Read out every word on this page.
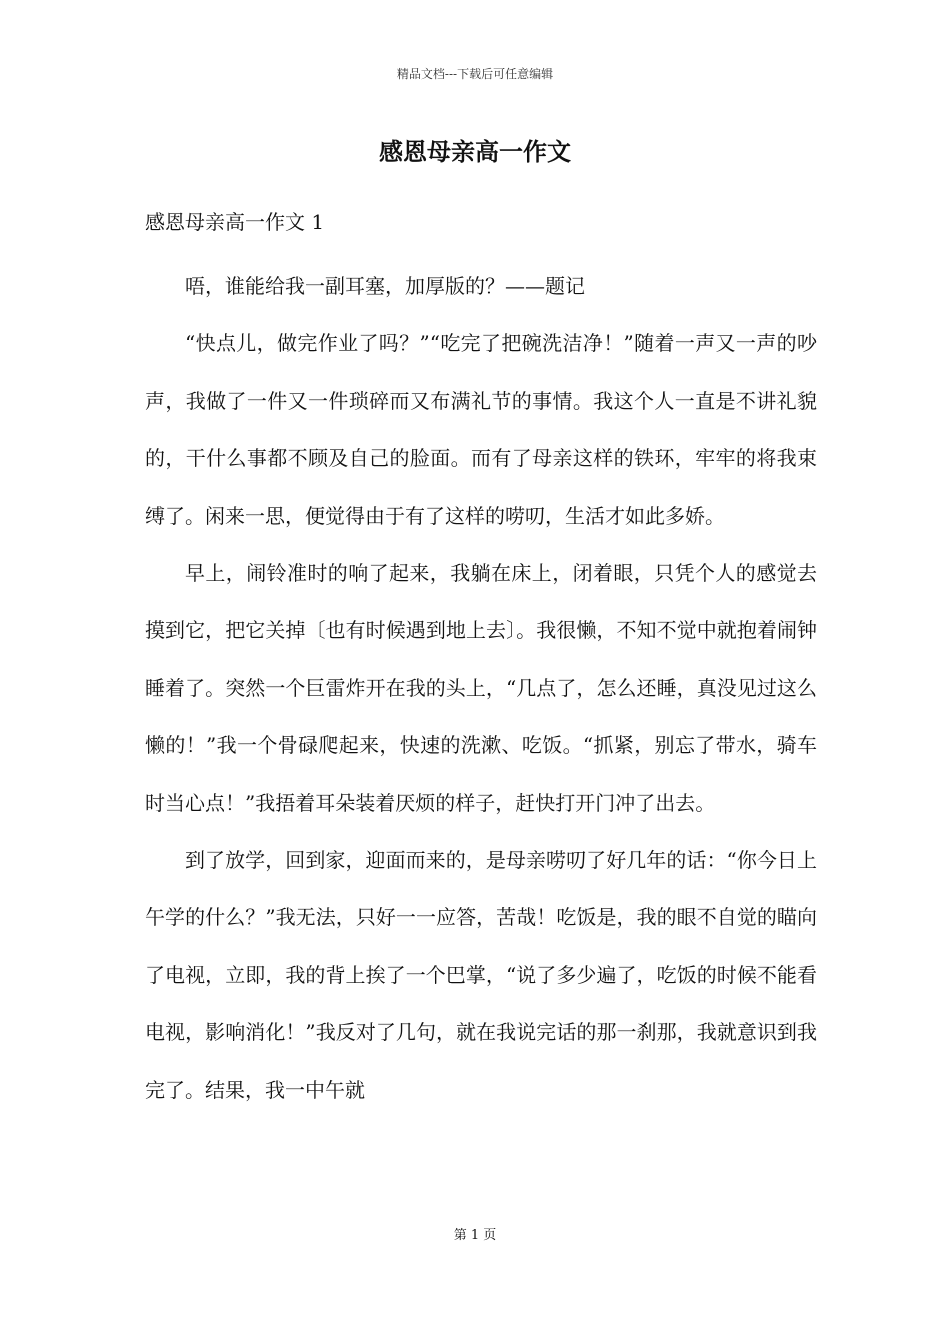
精品文档---下载后可任意编辑
感恩母亲高一作文
感恩母亲高一作文 1

唔，谁能给我一副耳塞，加厚版的？——题记

“快点儿，做完作业了吗？”“吃完了把碗洗洁净！”随着一声又一声的吵声，我做了一件又一件琐碎而又布满礼节的事情。我这个人一直是不讲礼貌的，干什么事都不顾及自己的脸面。而有了母亲这样的铁环，牢牢的将我束缚了。闲来一思，便觉得由于有了这样的唠叨，生活才如此多娇。

早上，闹铃准时的响了起来，我躺在床上，闭着眼，只凭个人的感觉去摸到它，把它关掉〔也有时候遇到地上去〕。我很懒，不知不觉中就抱着闹钟睡着了。突然一个巨雷炸开在我的头上，“几点了，怎么还睡，真没见过这么懒的！”我一个骨碌爬起来，快速的洗漱、吃饭。“抓紧，别忘了带水，骑车时当心点！”我捂着耳朵装着厌烦的样子，赶快打开门冲了出去。

到了放学，回到家，迎面而来的，是母亲唠叨了好几年的话：“你今日上午学的什么？”我无法，只好一一应答，苦哉！吃饭是，我的眼不自觉的瞄向了电视，立即，我的背上挨了一个巴掌，“说了多少遍了，吃饭的时候不能看电视，影响消化！”我反对了几句，就在我说完话的那一刹那，我就意识到我完了。结果，我一中午就

第 1 页
